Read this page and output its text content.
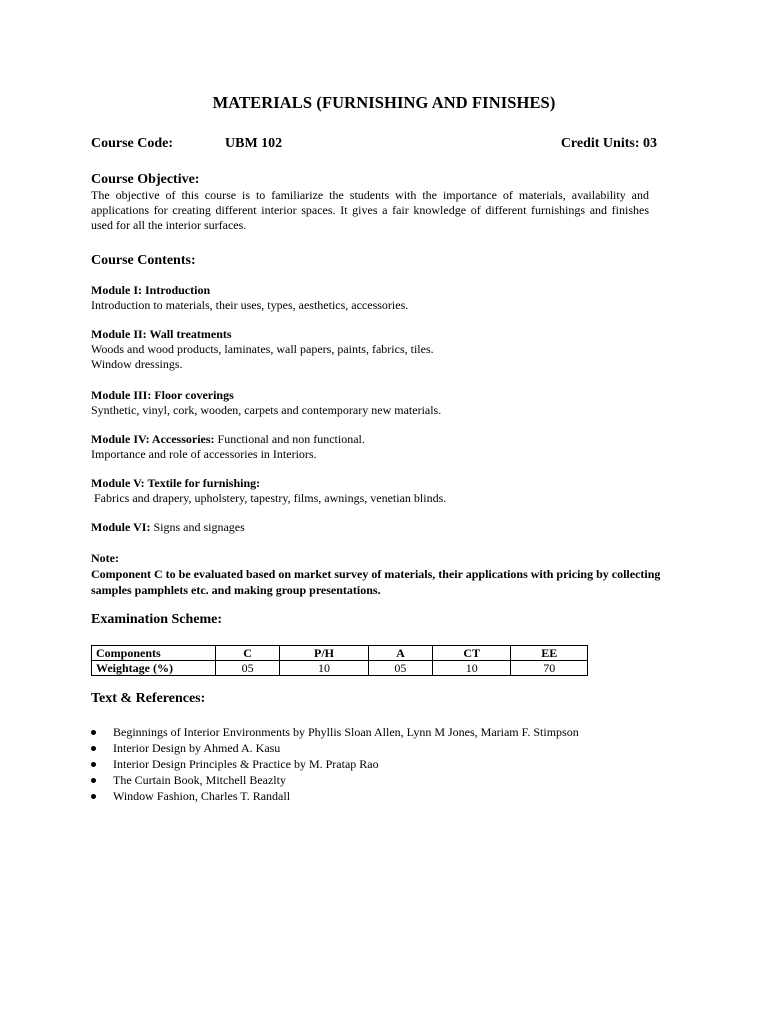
MATERIALS (FURNISHING AND FINISHES)
Course Code:	UBM 102	Credit Units: 03
Course Objective:
The objective of this course is to familiarize the students with the importance of materials, availability and applications for creating different interior spaces. It gives a fair knowledge of different furnishings and finishes used for all the interior surfaces.
Course Contents:
Module I: Introduction
Introduction to materials, their uses, types, aesthetics, accessories.
Module II: Wall treatments
Woods and wood products, laminates, wall papers, paints, fabrics, tiles.
Window dressings.
Module III: Floor coverings
Synthetic, vinyl, cork, wooden, carpets and contemporary new materials.
Module IV: Accessories: Functional and non functional.
Importance and role of accessories in Interiors.
Module V: Textile for furnishing:
Fabrics and drapery, upholstery, tapestry, films, awnings, venetian blinds.
Module VI: Signs and signages
Note:
Component C to be evaluated based on market survey of materials, their applications with pricing by collecting samples pamphlets etc. and making group presentations.
Examination Scheme:
Components	C	P/H	A	CT	EE
Weightage (%)	05	10	05	10	70
Text & References:
Beginnings of Interior Environments by Phyllis Sloan Allen, Lynn M Jones, Mariam F. Stimpson
Interior Design by Ahmed A. Kasu
Interior Design Principles & Practice by M. Pratap Rao
The Curtain Book, Mitchell Beazlty
Window Fashion, Charles T. Randall
